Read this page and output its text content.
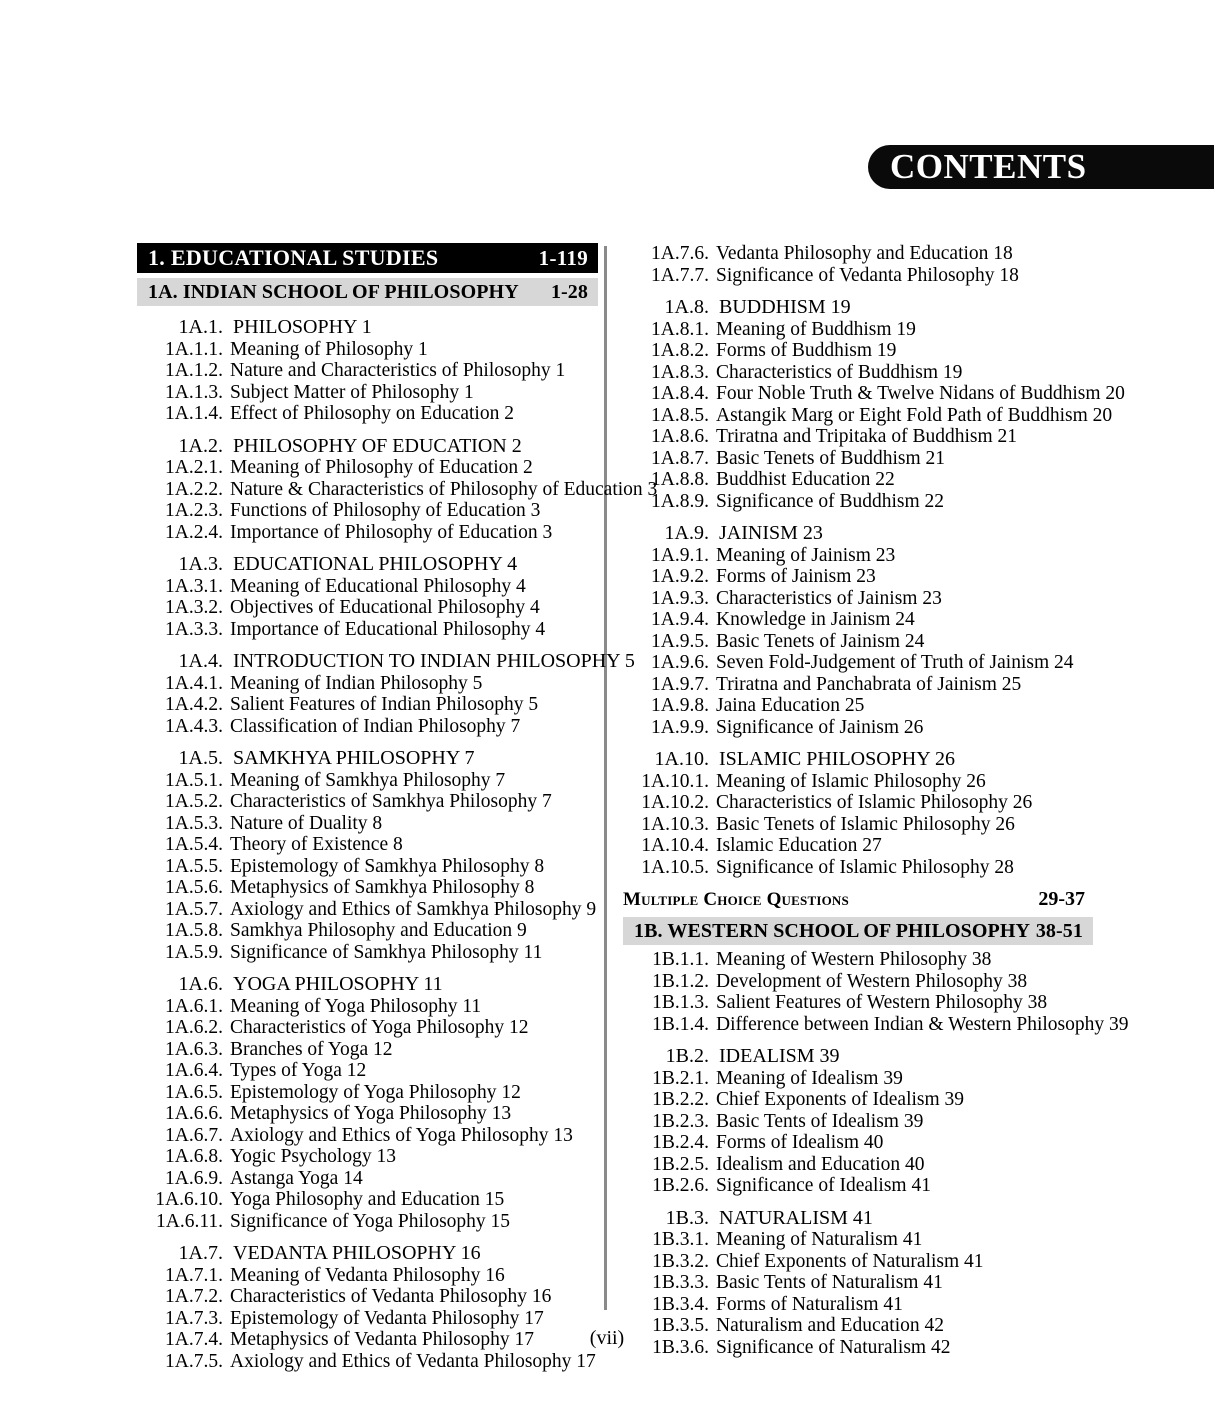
CONTENTS
1. EDUCATIONAL STUDIES	1-119
1A. INDIAN SCHOOL OF PHILOSOPHY 1-28
1A.1. PHILOSOPHY 1
1A.1.1. Meaning of Philosophy 1
1A.1.2. Nature and Characteristics of Philosophy 1
1A.1.3. Subject Matter of Philosophy 1
1A.1.4. Effect of Philosophy on Education 2
1A.2. PHILOSOPHY OF EDUCATION 2
1A.2.1. Meaning of Philosophy of Education 2
1A.2.2. Nature & Characteristics of Philosophy of Education 3
1A.2.3. Functions of Philosophy of Education 3
1A.2.4. Importance of Philosophy of Education 3
1A.3. EDUCATIONAL PHILOSOPHY 4
1A.3.1. Meaning of Educational Philosophy 4
1A.3.2. Objectives of Educational Philosophy 4
1A.3.3. Importance of Educational Philosophy 4
1A.4. INTRODUCTION TO INDIAN PHILOSOPHY 5
1A.4.1. Meaning of Indian Philosophy 5
1A.4.2. Salient Features of Indian Philosophy 5
1A.4.3. Classification of Indian Philosophy 7
1A.5. SAMKHYA PHILOSOPHY 7
1A.5.1. Meaning of Samkhya Philosophy 7
1A.5.2. Characteristics of Samkhya Philosophy 7
1A.5.3. Nature of Duality 8
1A.5.4. Theory of Existence 8
1A.5.5. Epistemology of Samkhya Philosophy 8
1A.5.6. Metaphysics of Samkhya Philosophy 8
1A.5.7. Axiology and Ethics of Samkhya Philosophy 9
1A.5.8. Samkhya Philosophy and Education 9
1A.5.9. Significance of Samkhya Philosophy 11
1A.6. YOGA PHILOSOPHY 11
1A.6.1. Meaning of Yoga Philosophy 11
1A.6.2. Characteristics of Yoga Philosophy 12
1A.6.3. Branches of Yoga 12
1A.6.4. Types of Yoga 12
1A.6.5. Epistemology of Yoga Philosophy 12
1A.6.6. Metaphysics of Yoga Philosophy 13
1A.6.7. Axiology and Ethics of Yoga Philosophy 13
1A.6.8. Yogic Psychology 13
1A.6.9. Astanga Yoga 14
1A.6.10. Yoga Philosophy and Education 15
1A.6.11. Significance of Yoga Philosophy 15
1A.7. VEDANTA PHILOSOPHY 16
1A.7.1. Meaning of Vedanta Philosophy 16
1A.7.2. Characteristics of Vedanta Philosophy 16
1A.7.3. Epistemology of Vedanta Philosophy 17
1A.7.4. Metaphysics of Vedanta Philosophy 17
1A.7.5. Axiology and Ethics of Vedanta Philosophy 17
1A.7.6. Vedanta Philosophy and Education 18
1A.7.7. Significance of Vedanta Philosophy 18
1A.8. BUDDHISM 19
1A.8.1. Meaning of Buddhism 19
1A.8.2. Forms of Buddhism 19
1A.8.3. Characteristics of Buddhism 19
1A.8.4. Four Noble Truth & Twelve Nidans of Buddhism 20
1A.8.5. Astangik Marg or Eight Fold Path of Buddhism 20
1A.8.6. Triratna and Tripitaka of Buddhism 21
1A.8.7. Basic Tenets of Buddhism 21
1A.8.8. Buddhist Education 22
1A.8.9. Significance of Buddhism 22
1A.9. JAINISM 23
1A.9.1. Meaning of Jainism 23
1A.9.2. Forms of Jainism 23
1A.9.3. Characteristics of Jainism 23
1A.9.4. Knowledge in Jainism 24
1A.9.5. Basic Tenets of Jainism 24
1A.9.6. Seven Fold-Judgement of Truth of Jainism 24
1A.9.7. Triratna and Panchabrata of Jainism 25
1A.9.8. Jaina Education 25
1A.9.9. Significance of Jainism 26
1A.10. ISLAMIC PHILOSOPHY 26
1A.10.1. Meaning of Islamic Philosophy 26
1A.10.2. Characteristics of Islamic Philosophy 26
1A.10.3. Basic Tenets of Islamic Philosophy 26
1A.10.4. Islamic Education 27
1A.10.5. Significance of Islamic Philosophy 28
Multiple Choice Questions	29-37
1B. WESTERN SCHOOL OF PHILOSOPHY 38-51
1B.1.1. Meaning of Western Philosophy 38
1B.1.2. Development of Western Philosophy 38
1B.1.3. Salient Features of Western Philosophy 38
1B.1.4. Difference between Indian & Western Philosophy 39
1B.2. IDEALISM 39
1B.2.1. Meaning of Idealism 39
1B.2.2. Chief Exponents of Idealism 39
1B.2.3. Basic Tents of Idealism 39
1B.2.4. Forms of Idealism 40
1B.2.5. Idealism and Education 40
1B.2.6. Significance of Idealism 41
1B.3. NATURALISM 41
1B.3.1. Meaning of Naturalism 41
1B.3.2. Chief Exponents of Naturalism 41
1B.3.3. Basic Tents of Naturalism 41
1B.3.4. Forms of Naturalism 41
1B.3.5. Naturalism and Education 42
1B.3.6. Significance of Naturalism 42
(vii)
